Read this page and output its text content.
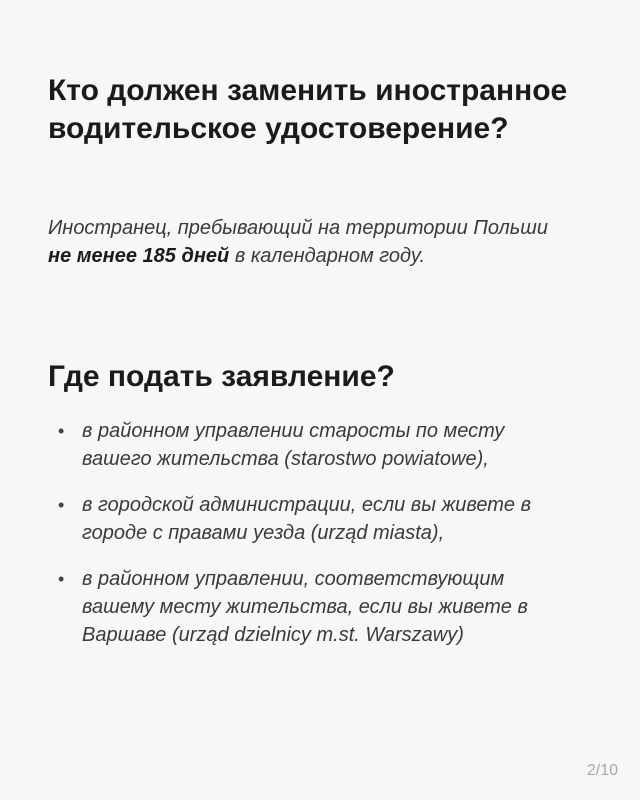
Кто должен заменить иностранное водительское удостоверение?

Иностранец, пребывающий на территории Польши не менее 185 дней в календарном году.

Где подать заявление?
• в районном управлении старосты по месту вашего жительства (starostwo powiatowe),
• в городской администрации, если вы живете в городе с правами уезда (urząd miasta),
• в районном управлении, соответствующим вашему месту жительства, если вы живете в Варшаве (urząd dzielnicy m.st. Warszawy)
2/10
